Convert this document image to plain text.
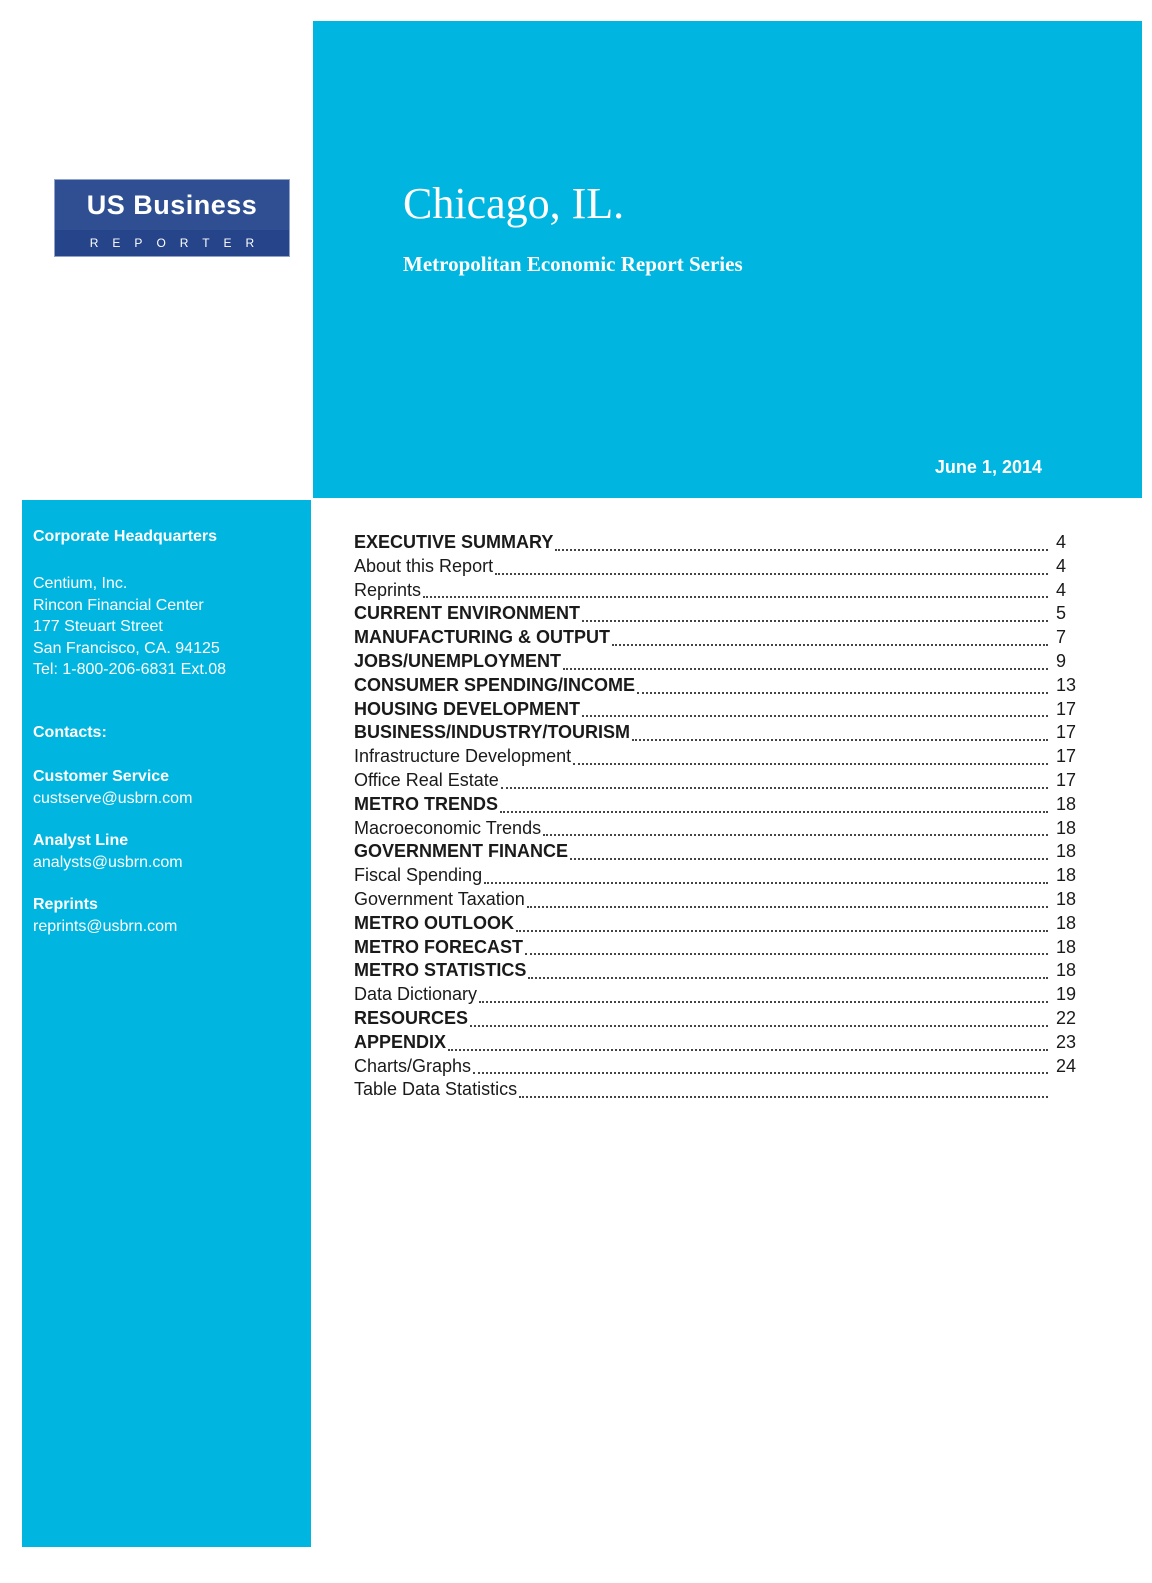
US Business
REPORTER
Chicago, IL.
Metropolitan Economic Report Series
June 1, 2014
Corporate Headquarters
Centium, Inc.
Rincon Financial Center
177 Steuart Street
San Francisco, CA. 94125
Tel: 1-800-206-6831 Ext.08
Contacts:
Customer Service
custserve@usbrn.com
Analyst Line
analysts@usbrn.com
Reprints
reprints@usbrn.com
EXECUTIVE SUMMARY	4
About this Report	4
Reprints	4
CURRENT ENVIRONMENT	5
MANUFACTURING & OUTPUT	7
JOBS/UNEMPLOYMENT	9
CONSUMER SPENDING/INCOME	13
HOUSING DEVELOPMENT	17
BUSINESS/INDUSTRY/TOURISM	17
Infrastructure Development	17
Office Real Estate	17
METRO TRENDS	18
Macroeconomic Trends	18
GOVERNMENT FINANCE	18
Fiscal Spending	18
Government Taxation	18
METRO OUTLOOK	18
METRO FORECAST	18
METRO STATISTICS	18
Data Dictionary	19
RESOURCES	22
APPENDIX	23
Charts/Graphs	24
Table Data Statistics
